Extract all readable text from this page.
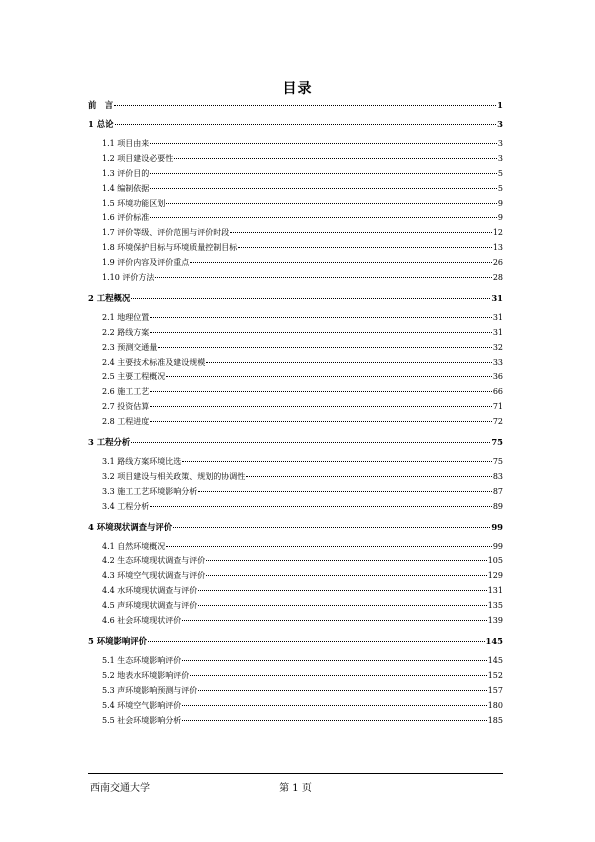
目录
前　言	1
1 总论	3
1.1 项目由来	3
1.2 项目建设必要性	3
1.3 评价目的	5
1.4 编制依据	5
1.5 环境功能区划	9
1.6 评价标准	9
1.7 评价等级、评价范围与评价时段	12
1.8 环境保护目标与环境质量控制目标	13
1.9 评价内容及评价重点	26
1.10 评价方法	28
2 工程概况	31
2.1 地理位置	31
2.2 路线方案	31
2.3 预测交通量	32
2.4 主要技术标准及建设规模	33
2.5 主要工程概况	36
2.6 施工工艺	66
2.7 投资估算	71
2.8 工程进度	72
3 工程分析	75
3.1 路线方案环境比选	75
3.2 项目建设与相关政策、规划的协调性	83
3.3 施工工艺环境影响分析	87
3.4 工程分析	89
4 环境现状调查与评价	99
4.1 自然环境概况	99
4.2 生态环境现状调查与评价	105
4.3 环境空气现状调查与评价	129
4.4 水环境现状调查与评价	131
4.5 声环境现状调查与评价	135
4.6 社会环境现状评价	139
5 环境影响评价	145
5.1 生态环境影响评价	145
5.2 地表水环境影响评价	152
5.3 声环境影响预测与评价	157
5.4 环境空气影响评价	180
5.5 社会环境影响分析	185
西南交通大学	第 1 页
